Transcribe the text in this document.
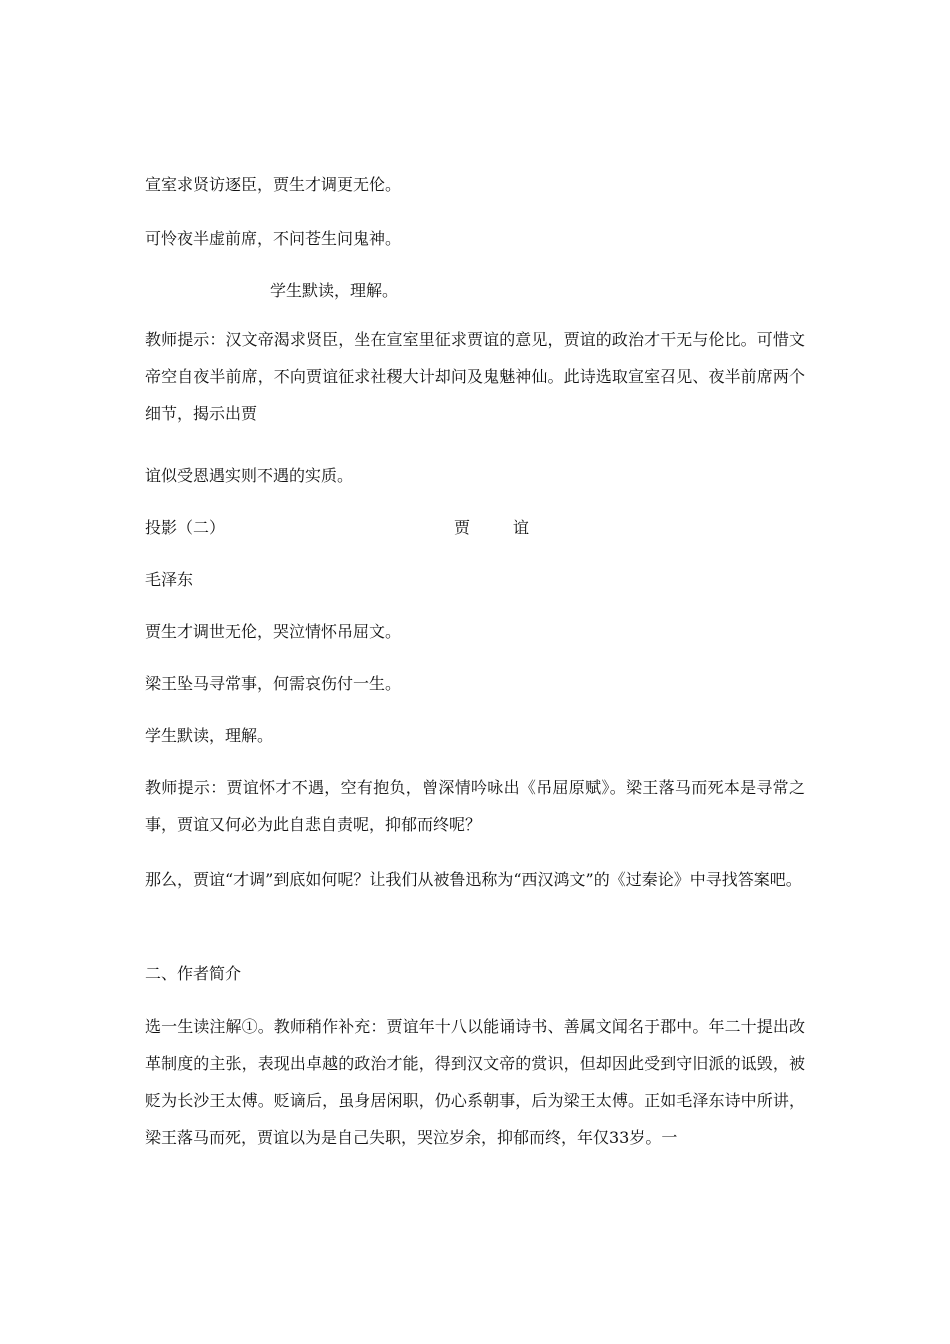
宣室求贤访逐臣，贾生才调更无伦。
可怜夜半虚前席，不问苍生问鬼神。
学生默读，理解。
教师提示：汉文帝渴求贤臣，坐在宣室里征求贾谊的意见，贾谊的政治才干无与伦比。可惜文帝空自夜半前席，不向贾谊征求社稷大计却问及鬼魅神仙。此诗选取宣室召见、夜半前席两个细节，揭示出贾
谊似受恩遇实则不遇的实质。
投影（二）	贾	谊
毛泽东
贾生才调世无伦，哭泣情怀吊屈文。
梁王坠马寻常事，何需哀伤付一生。
学生默读，理解。
教师提示：贾谊怀才不遇，空有抱负，曾深情吟咏出《吊屈原赋》。梁王落马而死本是寻常之事，贾谊又何必为此自悲自责呢，抑郁而终呢？
那么，贾谊“才调”到底如何呢？让我们从被鲁迅称为“西汉鸿文”的《过秦论》中寻找答案吧。
二、作者简介
选一生读注解①。教师稍作补充：贾谊年十八以能诵诗书、善属文闻名于郡中。年二十提出改革制度的主张，表现出卓越的政治才能，得到汉文帝的赏识，但却因此受到守旧派的诋毁，被贬为长沙王太傅。贬谪后，虽身居闲职，仍心系朝事，后为梁王太傅。正如毛泽东诗中所讲，梁王落马而死，贾谊以为是自己失职，哭泣岁余，抑郁而终，年仅33岁。一
